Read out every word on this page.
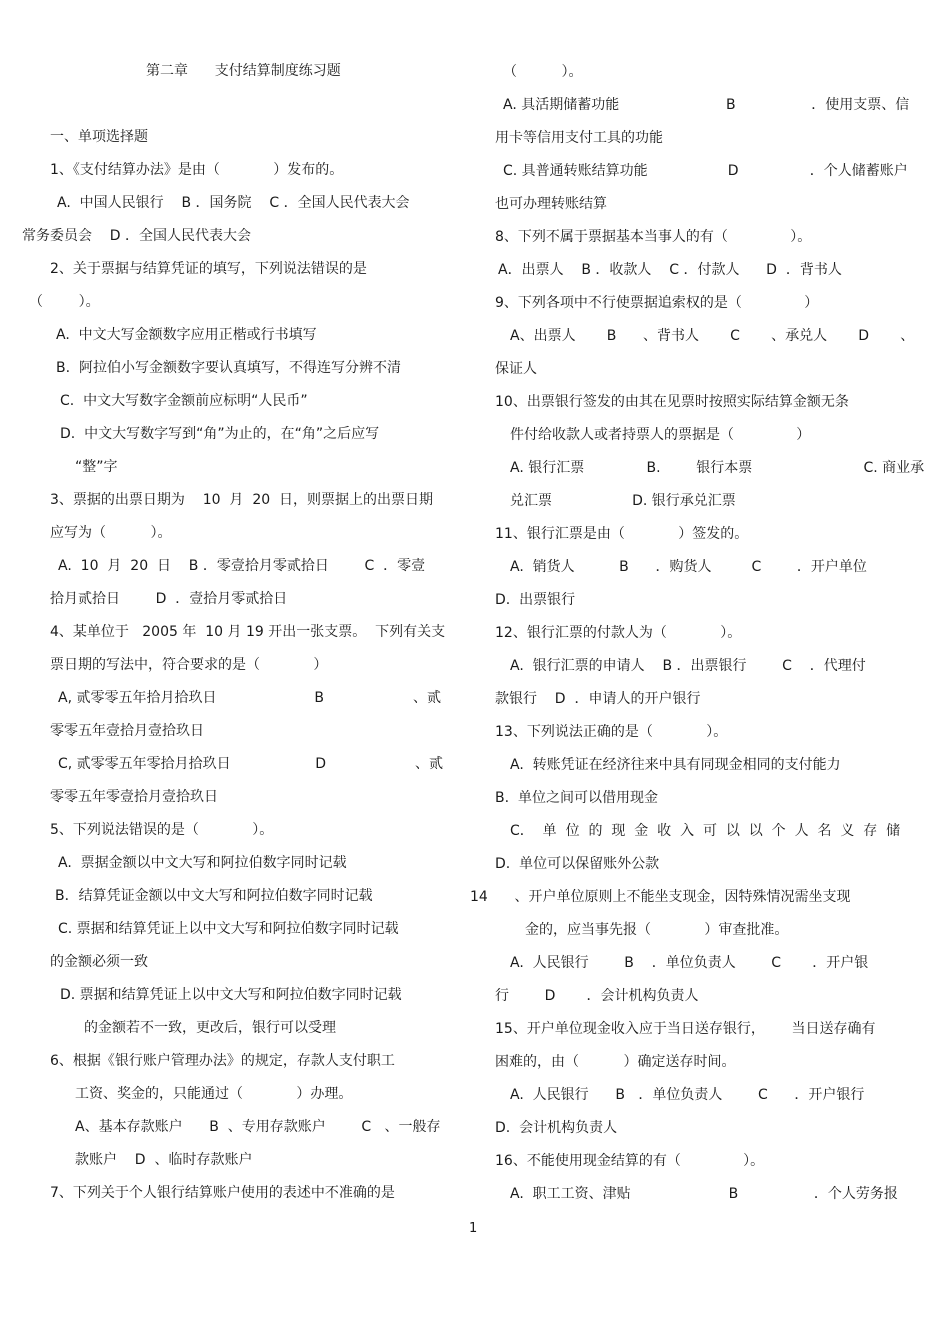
第二章      支付结算制度练习题
一、单项选择题
1、《支付结算办法》是由（            ）发布的。
A.  中国人民银行    B ．国务院    C ．全国人民代表大会
常务委员会    D ．全国人民代表大会
2、关于票据与结算凭证的填写，下列说法错误的是
（        ）。
A.  中文大写金额数字应用正楷或行书填写
B.  阿拉伯小写金额数字要认真填写，不得连写分辨不清
C.  中文大写数字金额前应标明“人民币”
D.  中文大写数字写到“角”为止的，在“角”之后应写
“整”字
3、票据的出票日期为    10  月  20  日，则票据上的出票日期
应写为（          ）。
A.  10  月  20  日    B ．零壹拾月零贰拾日        C  ．零壹
拾月贰拾日        D  ．壹拾月零贰拾日
4、某单位于   2005 年  10 月 19 开出一张支票。  下列有关支
票日期的写法中，符合要求的是（            ）
A, 贰零零五年拾月拾玖日                      B                    、贰
零零五年壹拾月壹拾玖日
C, 贰零零五年零拾月拾玖日                   D                    、贰
零零五年零壹拾月壹拾玖日
5、下列说法错误的是（            ）。
A.  票据金额以中文大写和阿拉伯数字同时记载
B．结算凭证金额以中文大写和阿拉伯数字同时记载
C. 票据和结算凭证上以中文大写和阿拉伯数字同时记载
的金额必须一致
D. 票据和结算凭证上以中文大写和阿拉伯数字同时记载
的金额若不一致，更改后，银行可以受理
6、根据《银行账户管理办法》的规定，存款人支付职工
工资、奖金的，只能通过（            ）办理。
A、基本存款账户      B  、专用存款账户        C   、一般存
款账户    D  、临时存款账户
7、下列关于个人银行结算账户使用的表述中不准确的是
（          ）。
A. 具活期储蓄功能                        B                 ．使用支票、信
用卡等信用支付工具的功能
C. 具普通转账结算功能                  D                ．个人储蓄账户
也可办理转账结算
8、下列不属于票据基本当事人的有（              ）。
A．出票人    B ．收款人    C ．付款人      D  ．背书人
9、下列各项中不行使票据追索权的是（              ）
A、出票人       B      、背书人       C       、承兑人       D       、
保证人
10、出票银行签发的由其在见票时按照实际结算金额无条
件付给收款人或者持票人的票据是（              ）
A. 银行汇票              B.        银行本票                         C. 商业承
兑汇票                  D. 银行承兑汇票
11、银行汇票是由（            ）签发的。
A.  销货人          B      ．购货人         C        ．开户单位
D.  出票银行
12、银行汇票的付款人为（            ）。
A.  银行汇票的申请人    B ．出票银行        C    ．代理付
款银行    D  ．申请人的开户银行
13、下列说法正确的是（            ）。
A.  转账凭证在经济往来中具有同现金相同的支付能力
B.  单位之间可以借用现金
C．  单  位  的  现  金  收  入  可  以  以  个  人  名  义  存  储
D.  单位可以保留账外公款
14      、开户单位原则上不能坐支现金，因特殊情况需坐支现
金的，应当事先报（            ）审查批准。
A.  人民银行        B    ．单位负责人        C       ．开户银
行        D       ．会计机构负责人
15、开户单位现金收入应于当日送存银行，      当日送存确有
困难的，由（          ）确定送存时间。
A.  人民银行      B   ．单位负责人        C      ．开户银行
D.  会计机构负责人
16、不能使用现金结算的有（              ）。
A.  职工工资、津贴                      B                 ．个人劳务报
1
